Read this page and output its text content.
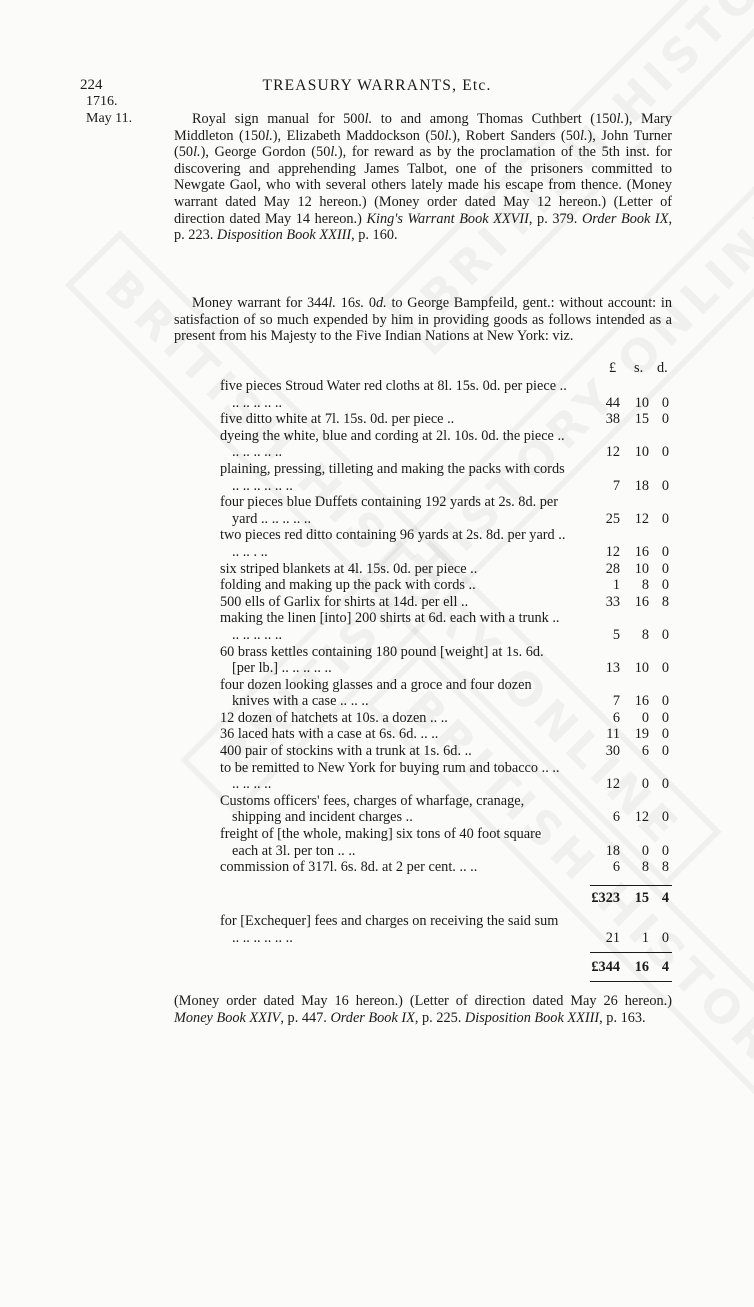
224	TREASURY WARRANTS, Etc.
1716.
May 11.	Royal sign manual for 500l. to and among Thomas Cuthbert (150l.), Mary Middleton (150l.), Elizabeth Maddockson (50l.), Robert Sanders (50l.), John Turner (50l.), George Gordon (50l.), for reward as by the proclamation of the 5th inst. for discovering and apprehending James Talbot, one of the prisoners committed to Newgate Gaol, who with several others lately made his escape from thence. (Money warrant dated May 12 hereon.) (Money order dated May 12 hereon.) (Letter of direction dated May 14 hereon.) King's Warrant Book XXVII, p. 379. Order Book IX, p. 223. Disposition Book XXIII, p. 160.

Money warrant for 344l. 16s. 0d. to George Bampfeild, gent.: without account: in satisfaction of so much expended by him in providing goods as follows intended as a present from his Majesty to the Five Indian Nations at New York: viz.

£ s. d.
five pieces Stroud Water red cloths at 8l. 15s. 0d. per piece .. .. .. .. .. ..	44 10 0
five ditto white at 7l. 15s. 0d. per piece ..	38 15 0
dyeing the white, blue and cording at 2l. 10s. 0d. the piece .. .. .. .. .. ..	12 10 0
plaining, pressing, tilleting and making the packs with cords .. .. .. .. .. ..	7 18 0
four pieces blue Duffets containing 192 yards at 2s. 8d. per yard .. .. .. .. ..	25 12 0
two pieces red ditto containing 96 yards at 2s. 8d. per yard .. .. .. . ..	12 16 0
six striped blankets at 4l. 15s. 0d. per piece ..	28 10 0
folding and making up the pack with cords ..	1 8 0
500 ells of Garlix for shirts at 14d. per ell ..	33 16 8
making the linen [into] 200 shirts at 6d. each with a trunk .. .. .. .. .. ..	5 8 0
60 brass kettles containing 180 pound [weight] at 1s. 6d. [per lb.] .. .. .. .. ..	13 10 0
four dozen looking glasses and a groce and four dozen knives with a case .. .. ..	7 16 0
12 dozen of hatchets at 10s. a dozen .. ..	6 0 0
36 laced hats with a case at 6s. 6d. .. ..	11 19 0
400 pair of stockins with a trunk at 1s. 6d. ..	30 6 0
to be remitted to New York for buying rum and tobacco .. .. .. .. .. ..	12 0 0
Customs officers' fees, charges of wharfage, cranage, shipping and incident charges ..	6 12 0
freight of [the whole, making] six tons of 40 foot square each at 3l. per ton .. ..	18 0 0
commission of 317l. 6s. 8d. at 2 per cent. .. ..	6 8 8
£323 15 4
for [Exchequer] fees and charges on receiving the said sum .. .. .. .. .. ..	21 1 0
£344 16 4

(Money order dated May 16 hereon.) (Letter of direction dated May 26 hereon.) Money Book XXIV, p. 447. Order Book IX, p. 225. Disposition Book XXIII, p. 163.
